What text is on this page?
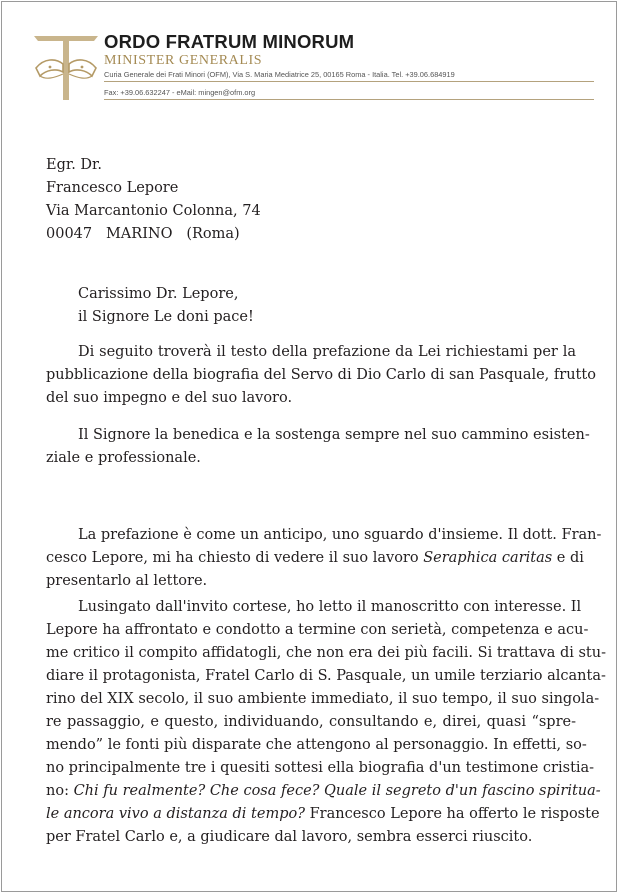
ORDO FRATRUM MINORUM
MINISTER GENERALIS
Curia Generale dei Frati Minori (OFM), Via S. Maria Mediatrice 25, 00165 Roma - Italia. Tel. +39.06.684919
Fax: +39.06.632247 - eMail: mingen@ofm.org
Egr. Dr.
Francesco Lepore
Via Marcantonio Colonna, 74
00047   MARINO   (Roma)
Carissimo Dr. Lepore,
il Signore Le doni pace!
Di seguito troverà il testo della prefazione da Lei richiestami per la
pubblicazione della biografia del Servo di Dio Carlo di san Pasquale, frutto
del suo impegno e del suo lavoro.
Il Signore la benedica e la sostenga sempre nel suo cammino esisten-
ziale e professionale.
La prefazione è come un anticipo, uno sguardo d'insieme. Il dott. Fran-
cesco Lepore, mi ha chiesto di vedere il suo lavoro Seraphica caritas e di
presentarlo al lettore.
Lusingato dall'invito cortese, ho letto il manoscritto con interesse. Il
Lepore ha affrontato e condotto a termine con serietà, competenza e acu-
me critico il compito affidatogli, che non era dei più facili. Si trattava di stu-
diare il protagonista, Fratel Carlo di S. Pasquale, un umile terziario alcanta-
rino del XIX secolo, il suo ambiente immediato, il suo tempo, il suo singola-
re passaggio, e questo, individuando, consultando e, direi, quasi “spre-
mendo” le fonti più disparate che attengono al personaggio. In effetti, so-
no principalmente tre i quesiti sottesi ella biografia d'un testimone cristia-
no: Chi fu realmente? Che cosa fece? Quale il segreto d'un fascino spiritua-
le ancora vivo a distanza di tempo? Francesco Lepore ha offerto le risposte
per Fratel Carlo e, a giudicare dal lavoro, sembra esserci riuscito.
